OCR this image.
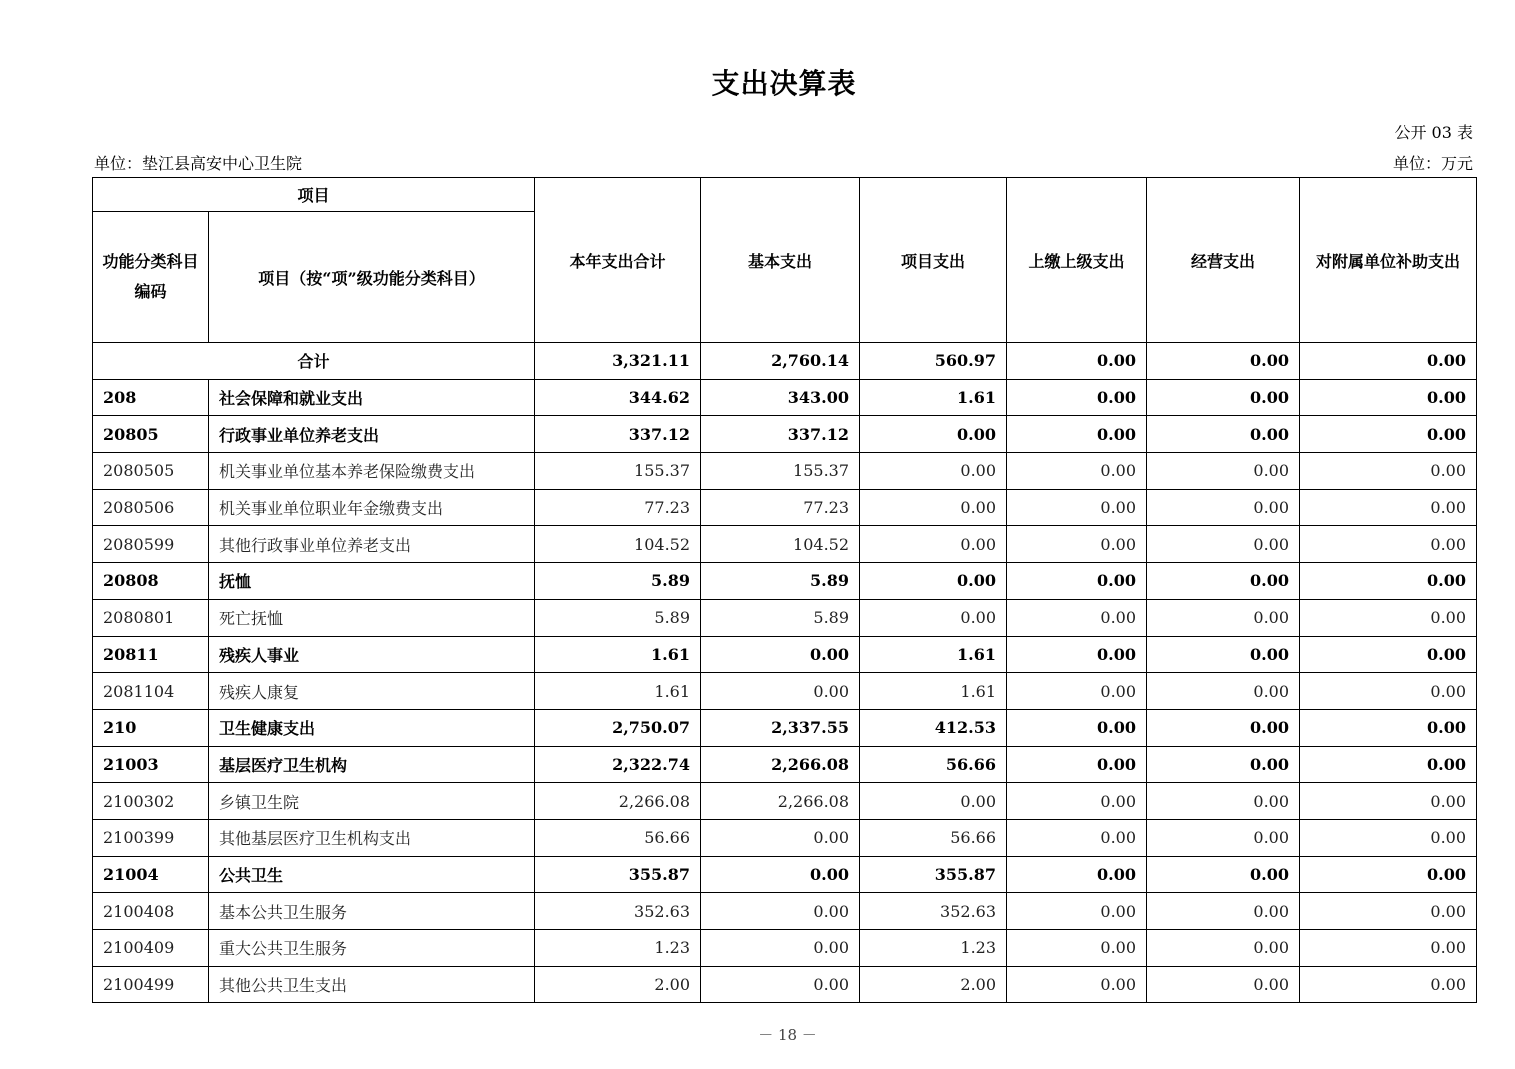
支出决算表
公开 03 表
单位：垫江县高安中心卫生院	单位：万元
项目		本年支出合计	基本支出	项目支出	上缴上级支出	经营支出	对附属单位补助支出
功能分类科目编码	项目（按“项”级功能分类科目）						
合计		3,321.11	2,760.14	560.97	0.00	0.00	0.00
208	社会保障和就业支出	344.62	343.00	1.61	0.00	0.00	0.00
20805	行政事业单位养老支出	337.12	337.12	0.00	0.00	0.00	0.00
2080505	机关事业单位基本养老保险缴费支出	155.37	155.37	0.00	0.00	0.00	0.00
2080506	机关事业单位职业年金缴费支出	77.23	77.23	0.00	0.00	0.00	0.00
2080599	其他行政事业单位养老支出	104.52	104.52	0.00	0.00	0.00	0.00
20808	抚恤	5.89	5.89	0.00	0.00	0.00	0.00
2080801	死亡抚恤	5.89	5.89	0.00	0.00	0.00	0.00
20811	残疾人事业	1.61	0.00	1.61	0.00	0.00	0.00
2081104	残疾人康复	1.61	0.00	1.61	0.00	0.00	0.00
210	卫生健康支出	2,750.07	2,337.55	412.53	0.00	0.00	0.00
21003	基层医疗卫生机构	2,322.74	2,266.08	56.66	0.00	0.00	0.00
2100302	乡镇卫生院	2,266.08	2,266.08	0.00	0.00	0.00	0.00
2100399	其他基层医疗卫生机构支出	56.66	0.00	56.66	0.00	0.00	0.00
21004	公共卫生	355.87	0.00	355.87	0.00	0.00	0.00
2100408	基本公共卫生服务	352.63	0.00	352.63	0.00	0.00	0.00
2100409	重大公共卫生服务	1.23	0.00	1.23	0.00	0.00	0.00
2100499	其他公共卫生支出	2.00	0.00	2.00	0.00	0.00	0.00
－ 18 －
